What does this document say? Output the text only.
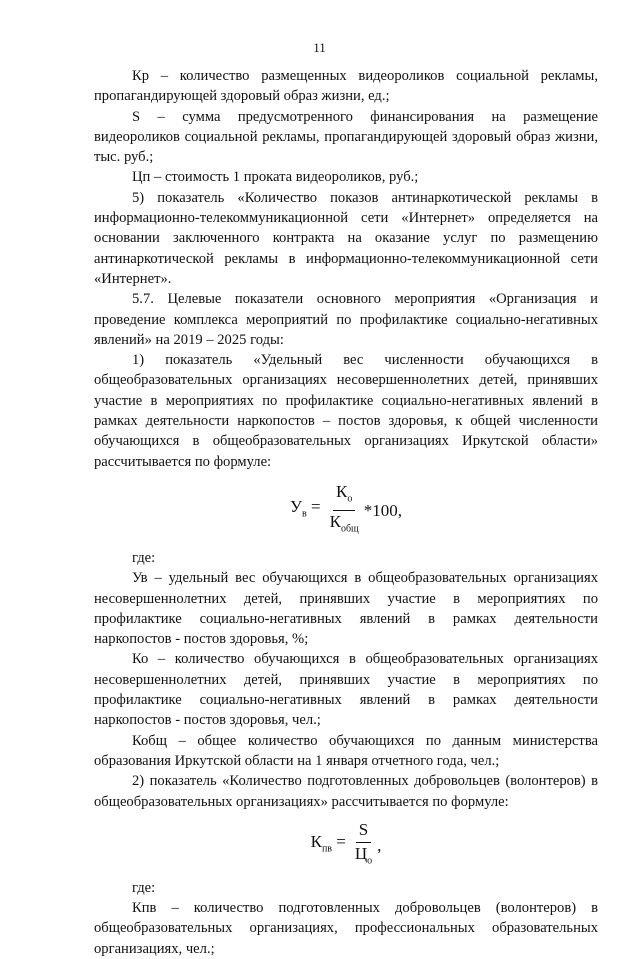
11

Кр – количество размещенных видеороликов социальной рекламы, пропагандирующей здоровый образ жизни, ед.;

S – сумма предусмотренного финансирования на размещение видеороликов социальной рекламы, пропагандирующей здоровый образ жизни, тыс. руб.;

Цп – стоимость 1 проката видеороликов, руб.;

5) показатель «Количество показов антинаркотической рекламы в информационно-телекоммуникационной сети «Интернет» определяется на основании заключенного контракта на оказание услуг по размещению антинаркотической рекламы в информационно-телекоммуникационной сети «Интернет».

5.7. Целевые показатели основного мероприятия «Организация и проведение комплекса мероприятий по профилактике социально-негативных явлений» на 2019 – 2025 годы:

1) показатель «Удельный вес численности обучающихся в общеобразовательных организациях несовершеннолетних детей, принявших участие в мероприятиях по профилактике социально-негативных явлений в рамках деятельности наркопостов – постов здоровья, к общей численности обучающихся в общеобразовательных организациях Иркутской области» рассчитывается по формуле:

$У_в = \frac{К_о}{К_{общ}} *100$,

где:

Ув – удельный вес обучающихся в общеобразовательных организациях несовершеннолетних детей, принявших участие в мероприятиях по профилактике социально-негативных явлений в рамках деятельности наркопостов - постов здоровья, %;

Ко – количество обучающихся в общеобразовательных организациях несовершеннолетних детей, принявших участие в мероприятиях по профилактике социально-негативных явлений в рамках деятельности наркопостов - постов здоровья, чел.;

Кобщ – общее количество обучающихся по данным министерства образования Иркутской области на 1 января отчетного года, чел.;

2) показатель «Количество подготовленных добровольцев (волонтеров) в общеобразовательных организациях» рассчитывается по формуле:

$К_{пв} = \frac{S}{Ц_о}$ ,

где:

Кпв – количество подготовленных добровольцев (волонтеров) в общеобразовательных организациях, профессиональных образовательных организациях, чел.;
